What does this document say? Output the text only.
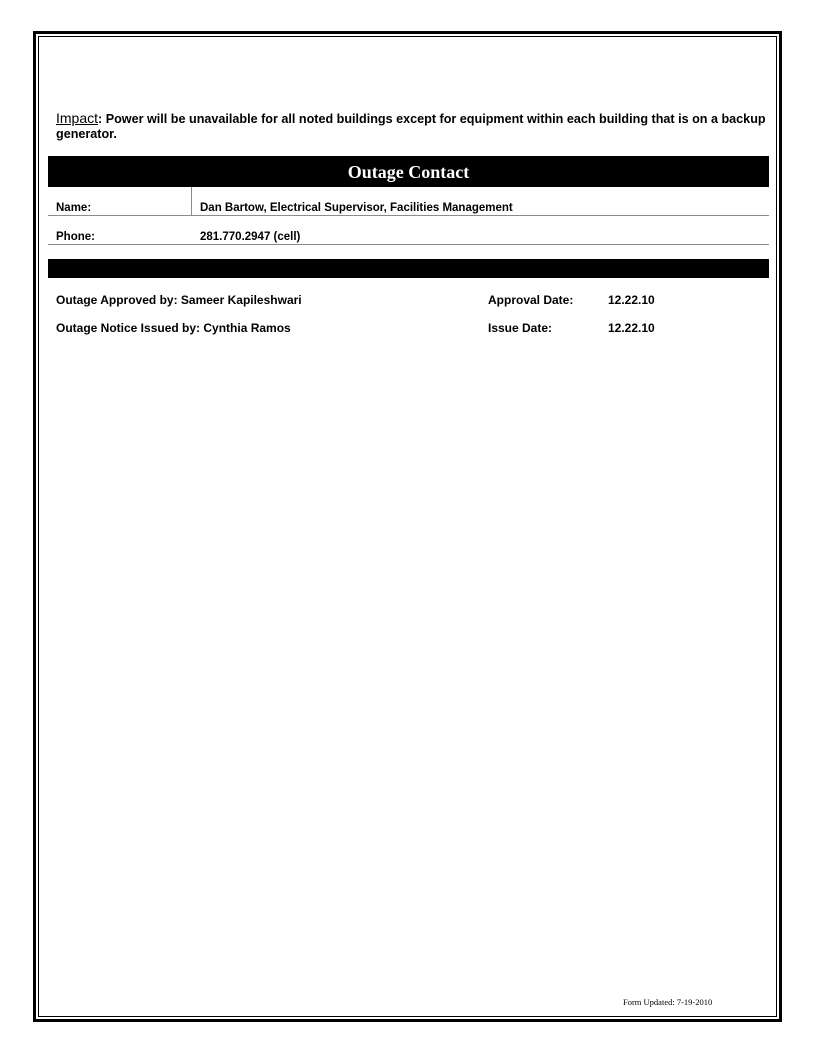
Impact: Power will be unavailable for all noted buildings except for equipment within each building that is on a backup generator.
Outage Contact
Name:	Dan Bartow, Electrical Supervisor, Facilities Management
Phone:	281.770.2947 (cell)
Outage Approved by: Sameer Kapileshwari	Approval Date:	12.22.10
Outage Notice Issued by: Cynthia Ramos	Issue Date:	12.22.10
Form Updated: 7-19-2010
